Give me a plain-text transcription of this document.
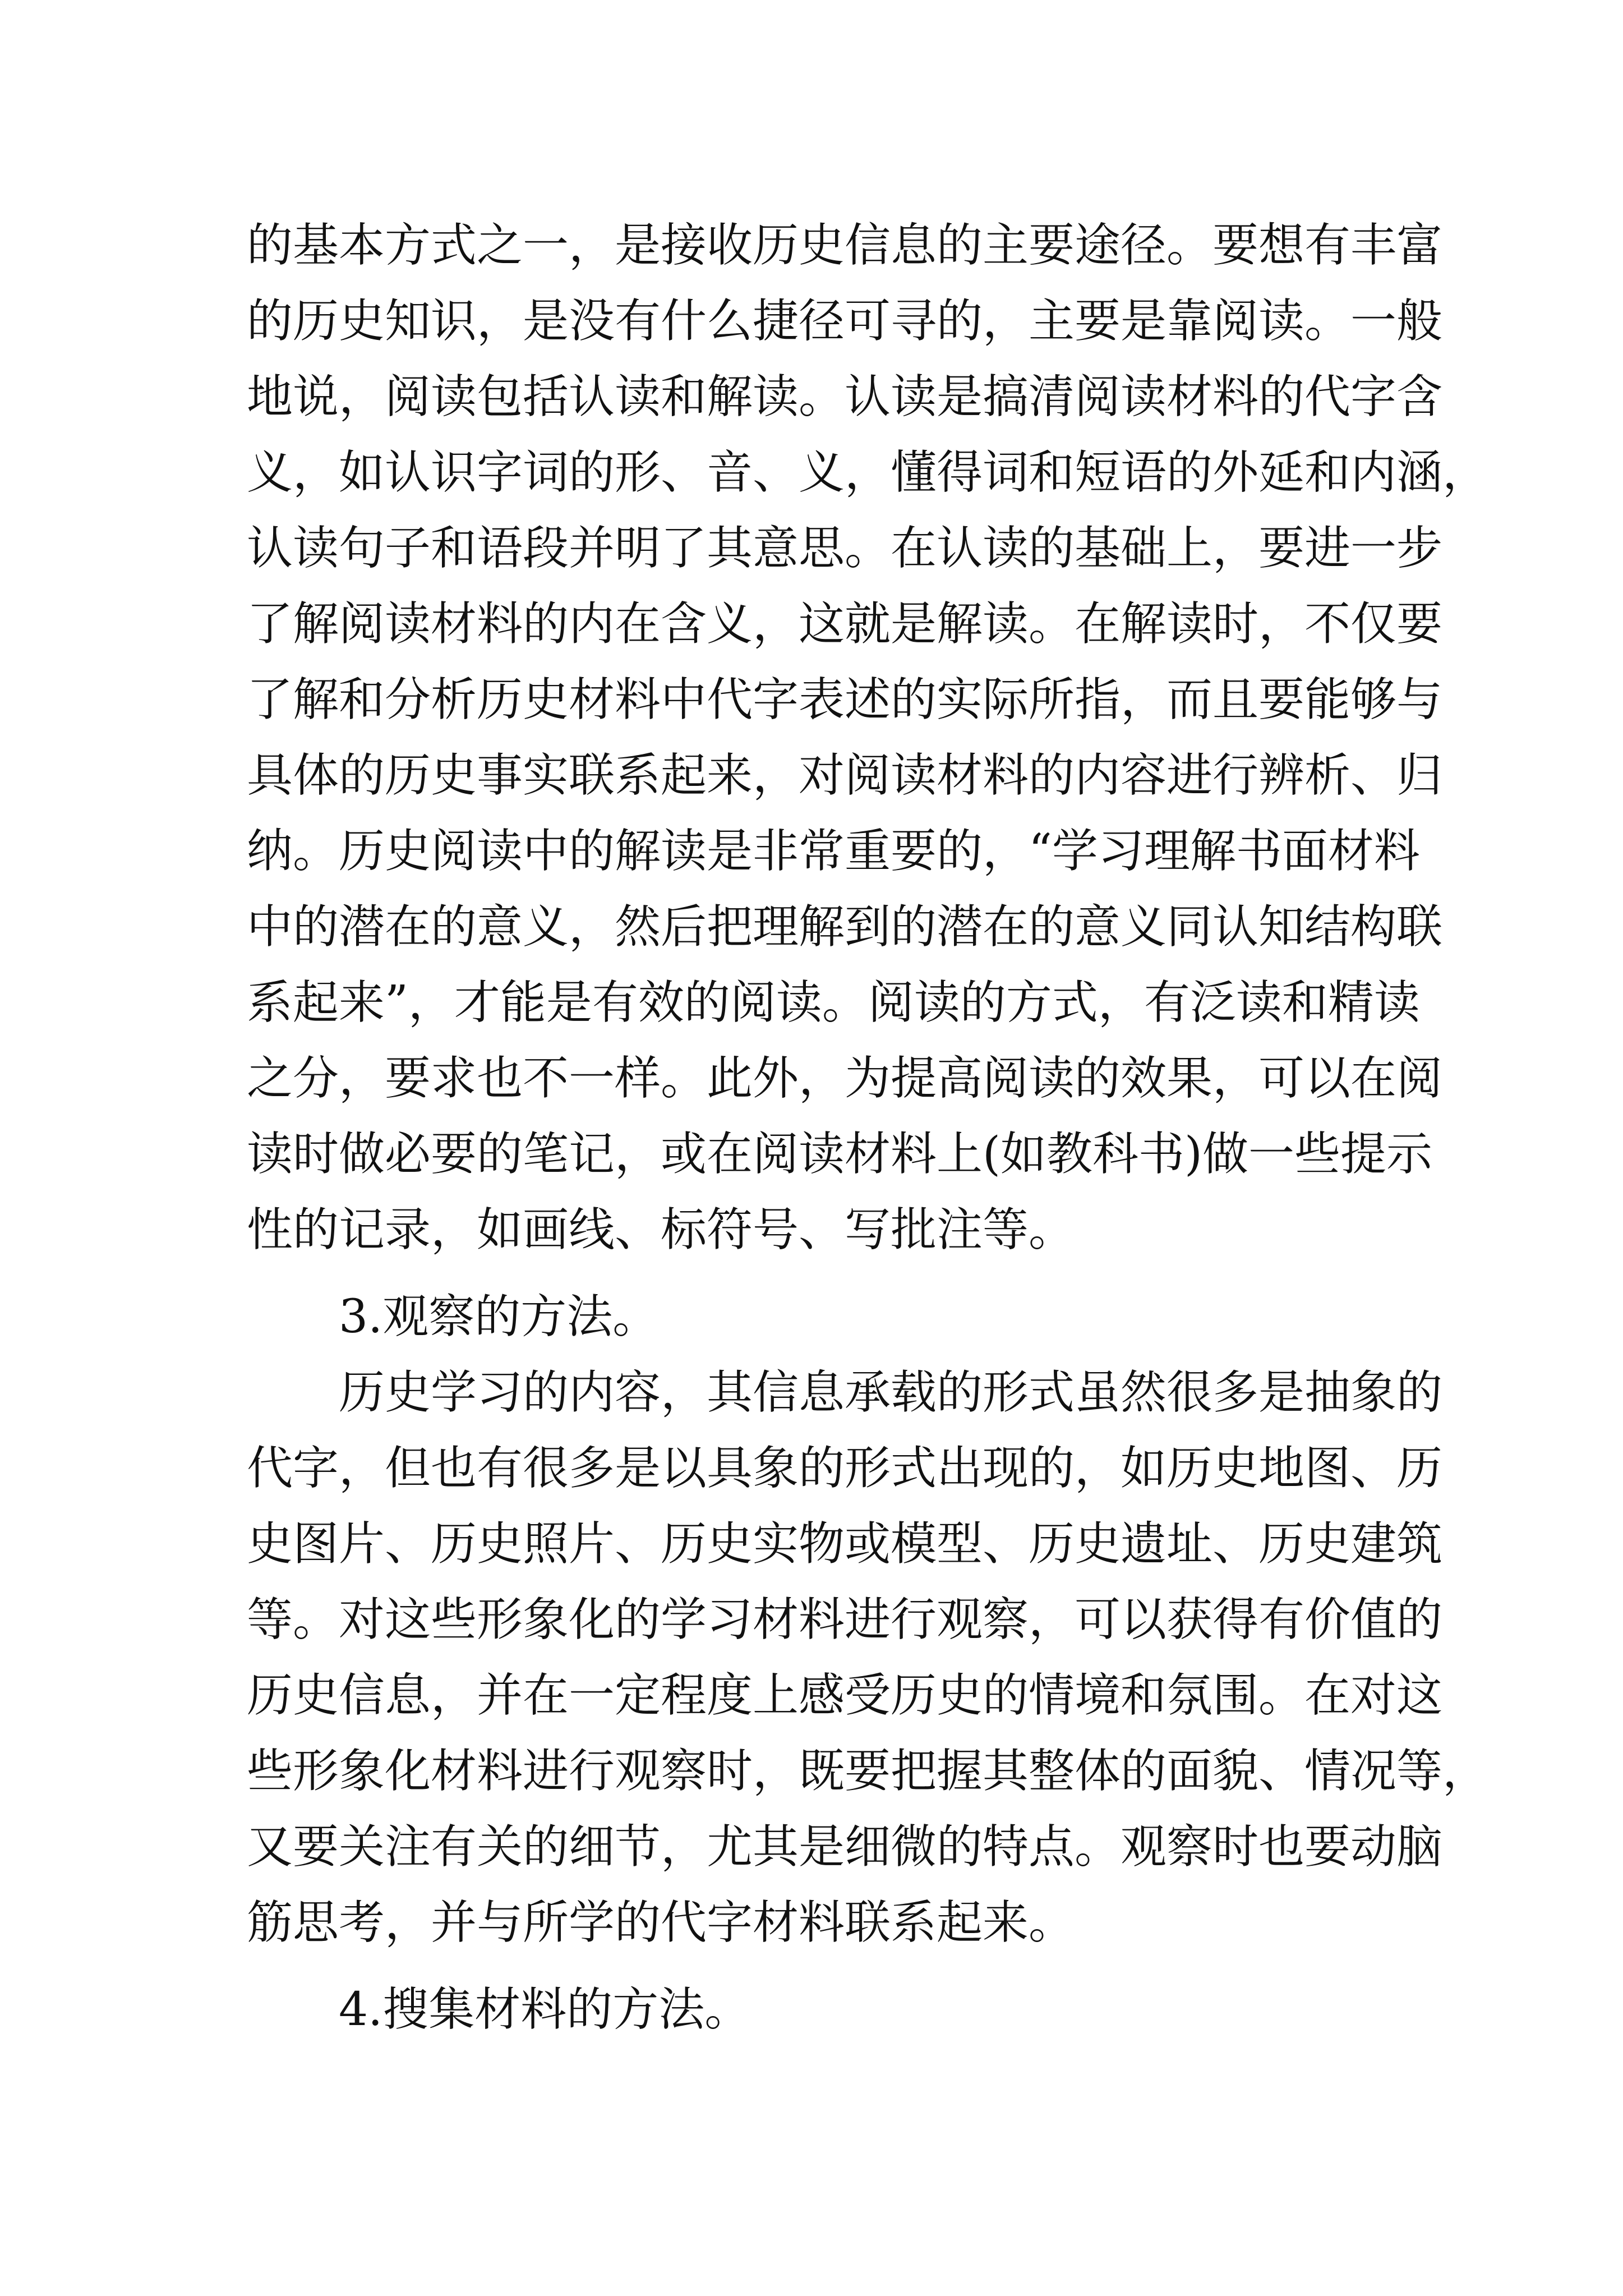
的基本方式之一，是接收历史信息的主要途径。要想有丰富
的历史知识，是没有什么捷径可寻的，主要是靠阅读。一般
地说，阅读包括认读和解读。认读是搞清阅读材料的代字含
义，如认识字词的形、音、义，懂得词和短语的外延和内涵，
认读句子和语段并明了其意思。在认读的基础上，要进一步
了解阅读材料的内在含义，这就是解读。在解读时，不仅要
了解和分析历史材料中代字表述的实际所指，而且要能够与
具体的历史事实联系起来，对阅读材料的内容进行辨析、归
纳。历史阅读中的解读是非常重要的，“学习理解书面材料
中的潜在的意义，然后把理解到的潜在的意义同认知结构联
系起来”，才能是有效的阅读。阅读的方式，有泛读和精读
之分，要求也不一样。此外，为提高阅读的效果，可以在阅
读时做必要的笔记，或在阅读材料上(如教科书)做一些提示
性的记录，如画线、标符号、写批注等。
3.观察的方法。
历史学习的内容，其信息承载的形式虽然很多是抽象的
代字，但也有很多是以具象的形式出现的，如历史地图、历
史图片、历史照片、历史实物或模型、历史遗址、历史建筑
等。对这些形象化的学习材料进行观察，可以获得有价值的
历史信息，并在一定程度上感受历史的情境和氛围。在对这
些形象化材料进行观察时，既要把握其整体的面貌、情况等，
又要关注有关的细节，尤其是细微的特点。观察时也要动脑
筋思考，并与所学的代字材料联系起来。
4.搜集材料的方法。
